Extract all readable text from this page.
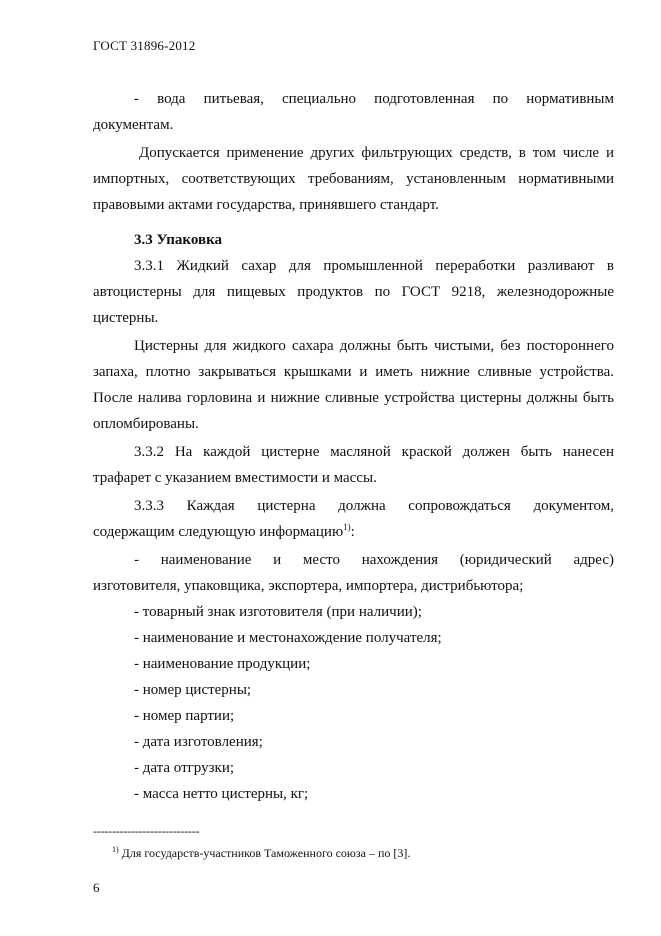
ГОСТ 31896-2012

- вода питьевая, специально подготовленная по нормативным

документам.

Допускается применение других фильтрующих средств, в том числе и импортных, соответствующих требованиям, установленным нормативными правовыми актами государства, принявшего стандарт.

3.3 Упаковка

3.3.1 Жидкий сахар для промышленной переработки разливают в автоцистерны для пищевых продуктов по ГОСТ 9218, железнодорожные цистерны.

Цистерны для жидкого сахара должны быть чистыми, без постороннего запаха, плотно закрываться крышками и иметь нижние сливные устройства. После налива горловина и нижние сливные устройства цистерны должны быть опломбированы.

3.3.2 На каждой цистерне масляной краской должен быть нанесен трафарет с указанием вместимости и массы.

3.3.3 Каждая цистерна должна сопровождаться документом,

содержащим следующую информацию$^{1)}$:

- наименование и место нахождения (юридический адрес)

изготовителя, упаковщика, экспортера, импортера, дистрибьютора;

- товарный знак изготовителя (при наличии);

- наименование и местонахождение получателя;

- наименование продукции;

- номер цистерны;

- номер партии;

- дата изготовления;

- дата отгрузки;

- масса нетто цистерны, кг;

----------------------------
$^{1)}$ Для государств-участников Таможенного союза – по [3].
6
